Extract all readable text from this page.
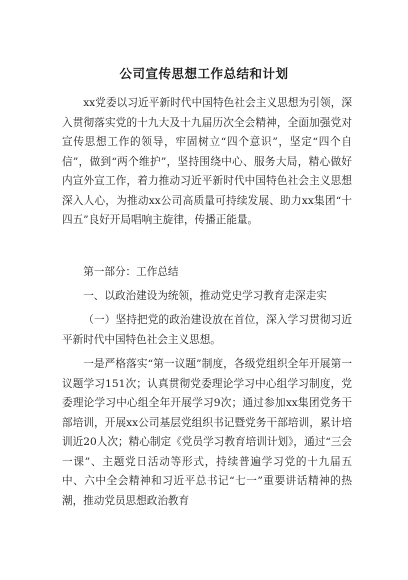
公司宣传思想工作总结和计划
xx党委以习近平新时代中国特色社会主义思想为引领，深入贯彻落实党的十九大及十九届历次全会精神，全面加强党对宣传思想工作的领导，牢固树立“四个意识”，坚定“四个自信”，做到“两个维护”，坚持围绕中心、服务大局，精心做好内宣外宣工作，着力推动习近平新时代中国特色社会主义思想深入人心，为推动xx公司高质量可持续发展、助力xx集团“十四五”良好开局唱响主旋律，传播正能量。
第一部分：工作总结
一、以政治建设为统领，推动党史学习教育走深走实
（一）坚持把党的政治建设放在首位，深入学习贯彻习近平新时代中国特色社会主义思想。
一是严格落实“第一议题”制度，各级党组织全年开展第一议题学习151次；认真贯彻党委理论学习中心组学习制度，党委理论学习中心组全年开展学习9次；通过参加xx集团党务干部培训，开展xx公司基层党组织书记暨党务干部培训，累计培训近20人次；精心制定《党员学习教育培训计划》，通过“三会一课”、主题党日活动等形式，持续普遍学习党的十九届五中、六中全会精神和习近平总书记“七一”重要讲话精神的热潮，推动党员思想政治教育
